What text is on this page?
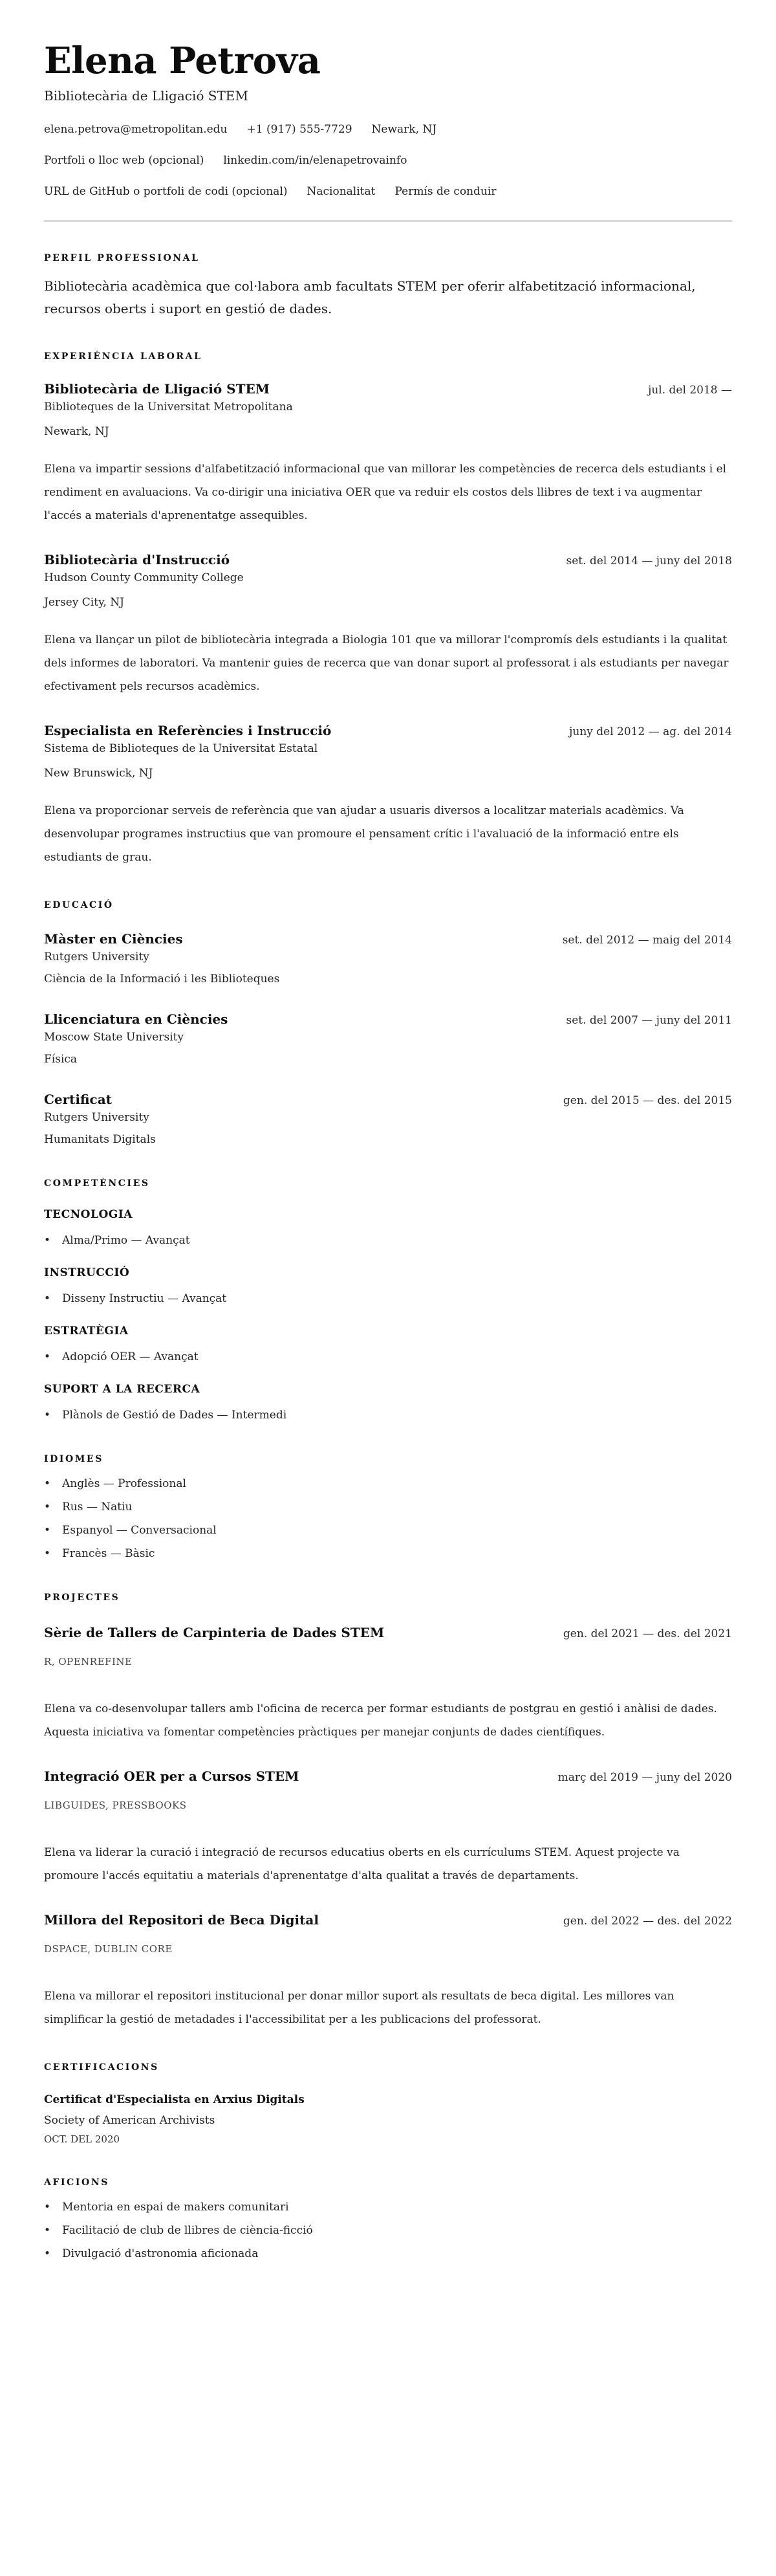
Elena Petrova
Bibliotecària de Lligació STEM
elena.petrova@metropolitan.edu +1 (917) 555-7729 Newark, NJ
Portfoli o lloc web (opcional) linkedin.com/in/elenapetrovainfo
URL de GitHub o portfoli de codi (opcional) Nacionalitat Permís de conduir
PERFIL PROFESSIONAL

Bibliotecària acadèmica que col·labora amb facultats STEM per oferir alfabetització informacional, recursos oberts i suport en gestió de dades.

EXPERIÈNCIA LABORAL
Bibliotecària de Lligació STEM	jul. del 2018 —
Biblioteques de la Universitat Metropolitana
Newark, NJ

Elena va impartir sessions d'alfabetització informacional que van millorar les competències de recerca dels estudiants i el rendiment en avaluacions. Va co-dirigir una iniciativa OER que va reduir els costos dels llibres de text i va augmentar l'accés a materials d'aprenentatge assequibles.

Bibliotecària d'Instrucció	set. del 2014 — juny del 2018
Hudson County Community College
Jersey City, NJ

Elena va llançar un pilot de bibliotecària integrada a Biologia 101 que va millorar l'compromís dels estudiants i la qualitat dels informes de laboratori. Va mantenir guies de recerca que van donar suport al professorat i als estudiants per navegar efectivament pels recursos acadèmics.

Especialista en Referències i Instrucció	juny del 2012 — ag. del 2014
Sistema de Biblioteques de la Universitat Estatal
New Brunswick, NJ

Elena va proporcionar serveis de referència que van ajudar a usuaris diversos a localitzar materials acadèmics. Va desenvolupar programes instructius que van promoure el pensament crític i l'avaluació de la informació entre els estudiants de grau.

EDUCACIÓ
Màster en Ciències	set. del 2012 — maig del 2014
Rutgers University
Ciència de la Informació i les Biblioteques
Llicenciatura en Ciències	set. del 2007 — juny del 2011
Moscow State University
Física
Certificat	gen. del 2015 — des. del 2015
Rutgers University
Humanitats Digitals
COMPETÈNCIES
TECNOLOGIA
• Alma/Primo — Avançat
INSTRUCCIÓ
• Disseny Instructiu — Avançat
ESTRATÈGIA
• Adopció OER — Avançat
SUPORT A LA RECERCA
• Plànols de Gestió de Dades — Intermedi
IDIOMES
• Anglès — Professional
• Rus — Natiu
• Espanyol — Conversacional
• Francès — Bàsic
PROJECTES
Sèrie de Tallers de Carpinteria de Dades STEM	gen. del 2021 — des. del 2021
R, OPENREFINE

Elena va co-desenvolupar tallers amb l'oficina de recerca per formar estudiants de postgrau en gestió i anàlisi de dades. Aquesta iniciativa va fomentar competències pràctiques per manejar conjunts de dades científiques.

Integració OER per a Cursos STEM	març del 2019 — juny del 2020
LIBGUIDES, PRESSBOOKS

Elena va liderar la curació i integració de recursos educatius oberts en els currículums STEM. Aquest projecte va promoure l'accés equitatiu a materials d'aprenentatge d'alta qualitat a través de departaments.

Millora del Repositori de Beca Digital	gen. del 2022 — des. del 2022
DSPACE, DUBLIN CORE

Elena va millorar el repositori institucional per donar millor suport als resultats de beca digital. Les millores van simplificar la gestió de metadades i l'accessibilitat per a les publicacions del professorat.

CERTIFICACIONS
Certificat d'Especialista en Arxius Digitals
Society of American Archivists
OCT. DEL 2020
AFICIONS
• Mentoria en espai de makers comunitari
• Facilitació de club de llibres de ciència-ficció
• Divulgació d'astronomia aficionada
